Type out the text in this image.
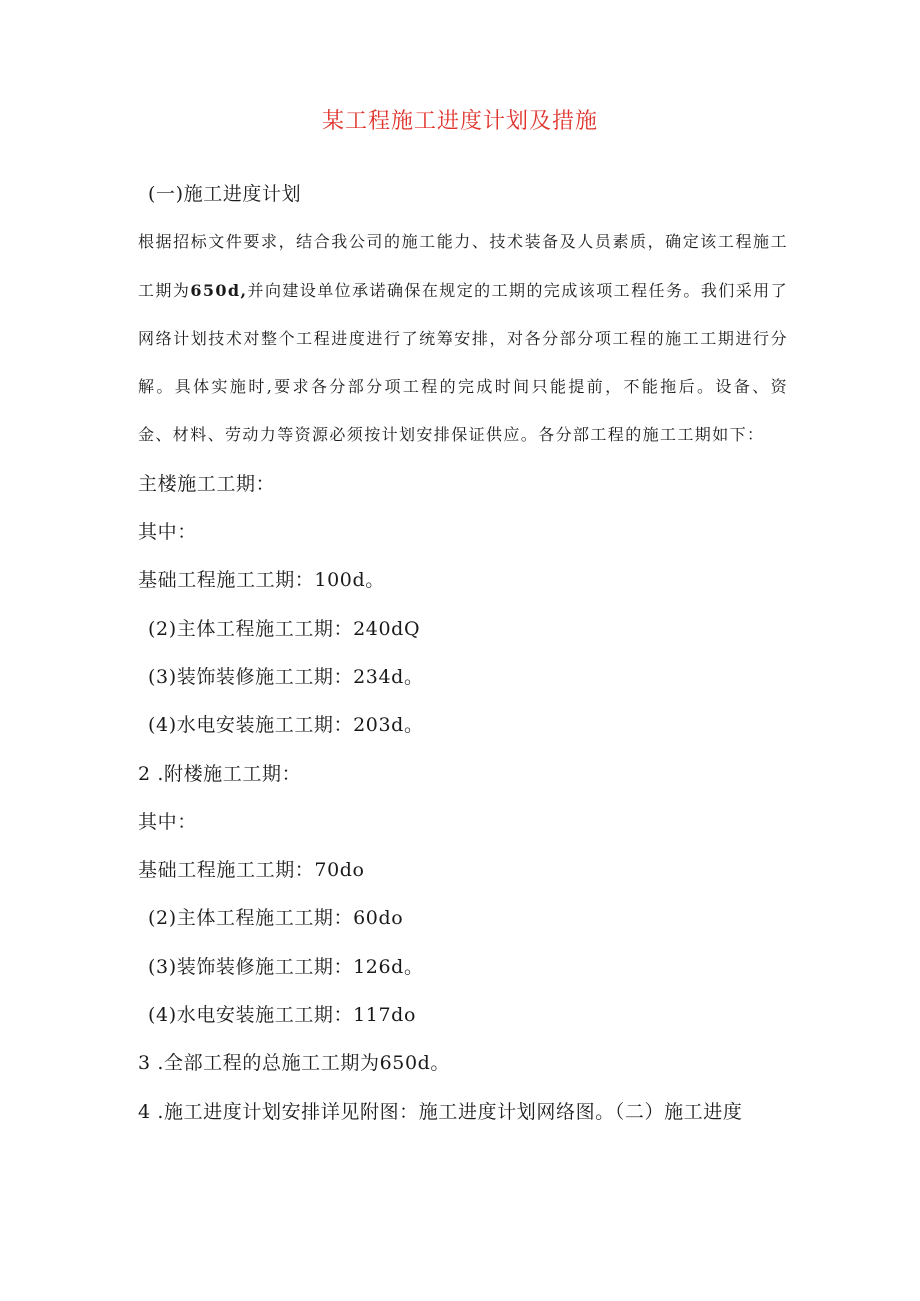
某工程施工进度计划及措施
(一)施工进度计划
根据招标文件要求，结合我公司的施工能力、技术装备及人员素质，确定该工程施工工期为650d,并向建设单位承诺确保在规定的工期的完成该项工程任务。我们采用了网络计划技术对整个工程进度进行了统筹安排，对各分部分项工程的施工工期进行分解。具体实施时,要求各分部分项工程的完成时间只能提前，不能拖后。设备、资金、材料、劳动力等资源必须按计划安排保证供应。各分部工程的施工工期如下：
主楼施工工期：
其中：
基础工程施工工期：100d。
(2)主体工程施工工期：240dQ
(3)装饰装修施工工期：234d。
(4)水电安装施工工期：203d。
2 .附楼施工工期：
其中：
基础工程施工工期：70do
(2)主体工程施工工期：60do
(3)装饰装修施工工期：126d。
(4)水电安装施工工期：117do
3 .全部工程的总施工工期为650d。
4 .施工进度计划安排详见附图：施工进度计划网络图。（二）施工进度
